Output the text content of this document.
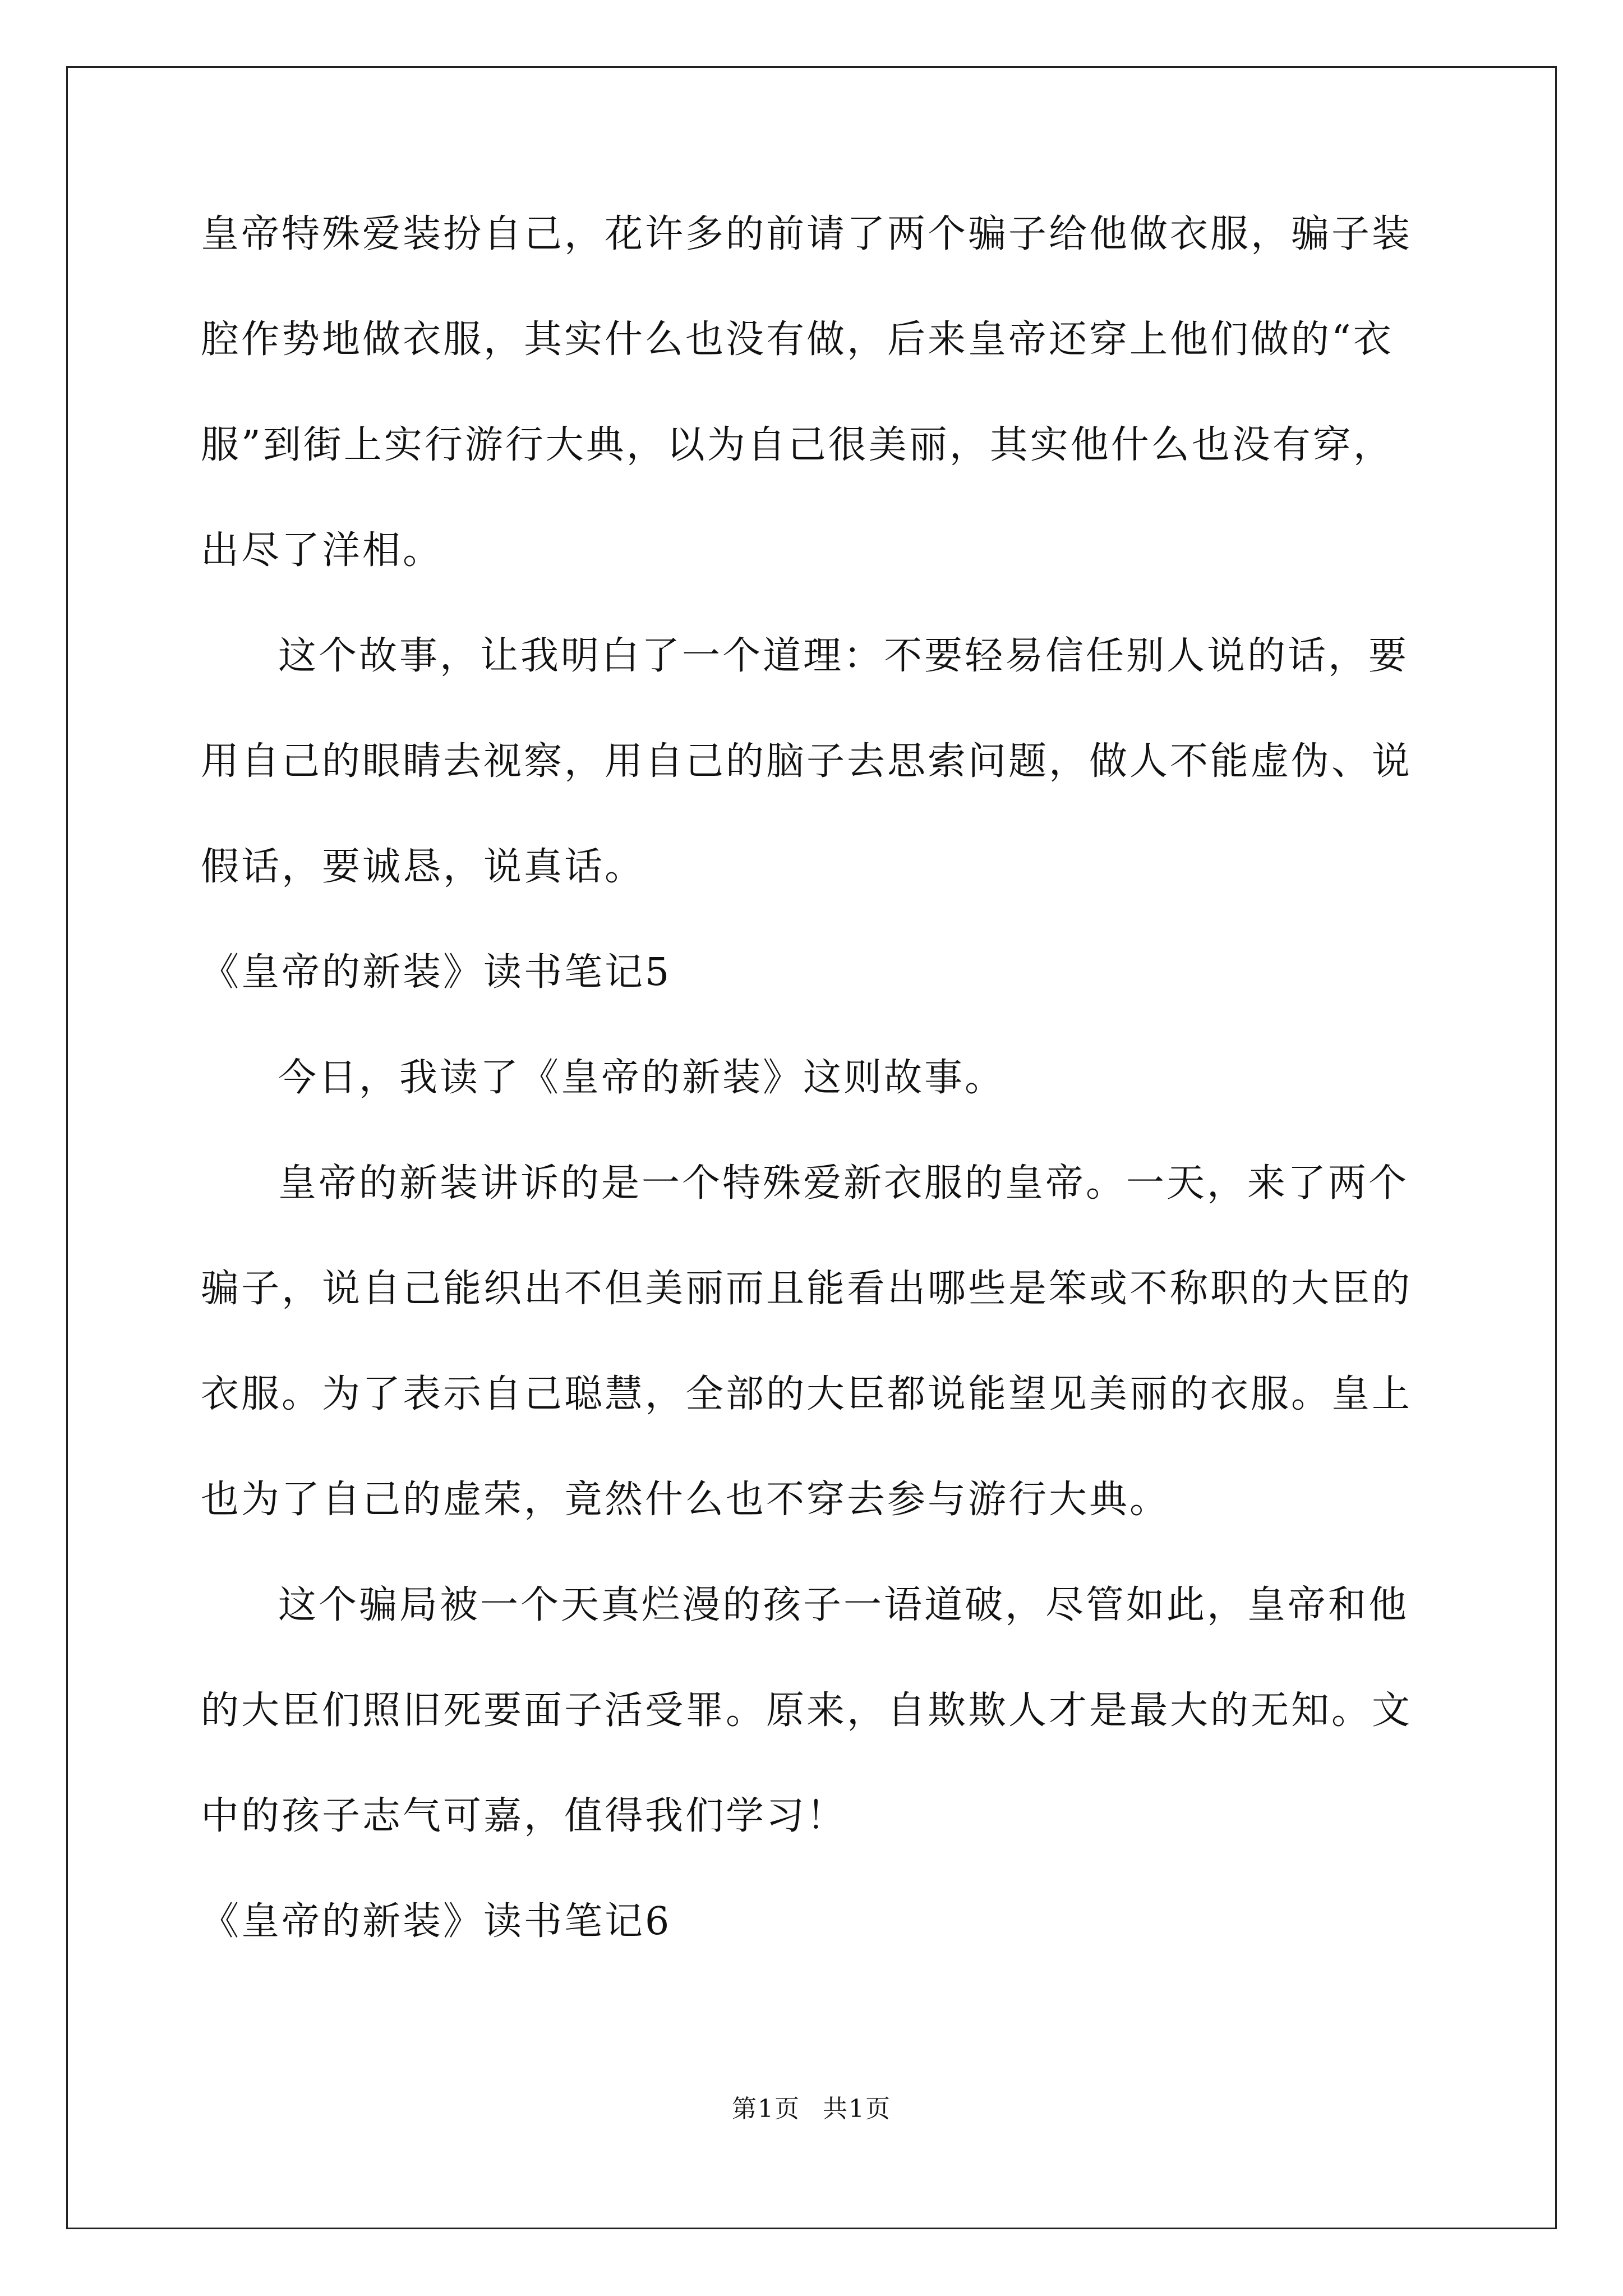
皇帝特殊爱装扮自己，花许多的前请了两个骗子给他做衣服，骗子装
腔作势地做衣服，其实什么也没有做，后来皇帝还穿上他们做的“衣
服”到街上实行游行大典，以为自己很美丽，其实他什么也没有穿，
出尽了洋相。
这个故事，让我明白了一个道理：不要轻易信任别人说的话，要
用自己的眼睛去视察，用自己的脑子去思索问题，做人不能虚伪、说
假话，要诚恳，说真话。
《皇帝的新装》读书笔记5
今日，我读了《皇帝的新装》这则故事。
皇帝的新装讲诉的是一个特殊爱新衣服的皇帝。一天，来了两个
骗子，说自己能织出不但美丽而且能看出哪些是笨或不称职的大臣的
衣服。为了表示自己聪慧，全部的大臣都说能望见美丽的衣服。皇上
也为了自己的虚荣，竟然什么也不穿去参与游行大典。
这个骗局被一个天真烂漫的孩子一语道破，尽管如此，皇帝和他
的大臣们照旧死要面子活受罪。原来，自欺欺人才是最大的无知。文
中的孩子志气可嘉，值得我们学习！
《皇帝的新装》读书笔记6
第1页 共1页
